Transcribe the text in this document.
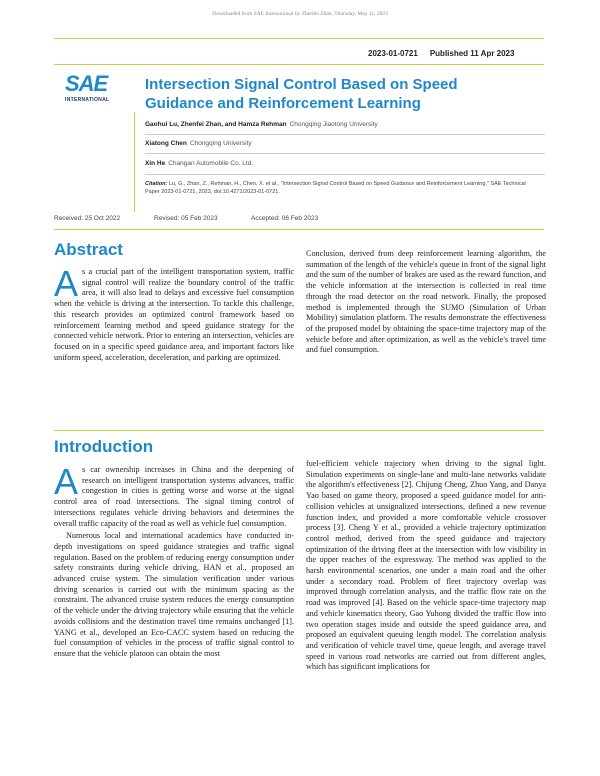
Downloaded from SAE International by Zhenfei Zhan, Thursday, May 11, 2023
2023-01-0721 Published 11 Apr 2023
SAE
INTERNATIONAL
Intersection Signal Control Based on Speed Guidance and Reinforcement Learning
Gaohui Lu, Zhenfei Zhan, and Hamza Rehman Chongqing Jiaotong University
Xiatong Chen Chongqing University
Xin He Changan Automobile Co. Ltd.
Citation: Lu, G., Zhan, Z., Rehman, H., Chen, X. et al., "Intersection Signal Control Based on Speed Guidance and Reinforcement Learning," SAE Technical Paper 2023-01-0721, 2023, doi:10.4271/2023-01-0721.
Received: 25 Oct 2022	Revised: 05 Feb 2023	Accepted: 06 Feb 2023
Abstract

As a crucial part of the intelligent transportation system, traffic signal control will realize the boundary control of the traffic area, it will also lead to delays and excessive fuel consumption when the vehicle is driving at the intersection. To tackle this challenge, this research provides an optimized control framework based on reinforcement learning method and speed guidance strategy for the connected vehicle network. Prior to entering an intersection, vehicles are focused on in a specific speed guidance area, and important factors like uniform speed, acceleration, deceleration, and parking are optimized.

Conclusion, derived from deep reinforcement learning algorithm, the summation of the length of the vehicle's queue in front of the signal light and the sum of the number of brakes are used as the reward function, and the vehicle information at the intersection is collected in real time through the road detector on the road network. Finally, the proposed method is implemented through the SUMO (Simulation of Urban Mobility) simulation platform. The results demonstrate the effectiveness of the proposed model by obtaining the space-time trajectory map of the vehicle before and after optimization, as well as the vehicle's travel time and fuel consumption.

Introduction

As car ownership increases in China and the deepening of research on intelligent transportation systems advances, traffic congestion in cities is getting worse and worse at the signal control area of road intersections. The signal timing control of intersections regulates vehicle driving behaviors and determines the overall traffic capacity of the road as well as vehicle fuel consumption.

Numerous local and international academics have conducted in-depth investigations on speed guidance strategies and traffic signal regulation. Based on the problem of reducing energy consumption under safety constraints during vehicle driving, HAN et al., proposed an advanced cruise system. The simulation verification under various driving scenarios is carried out with the minimum spacing as the constraint. The advanced cruise system reduces the energy consumption of the vehicle under the driving trajectory while ensuring that the vehicle avoids collisions and the destination travel time remains unchanged [1]. YANG et al., developed an Eco-CACC system based on reducing the fuel consumption of vehicles in the process of traffic signal control to ensure that the vehicle platoon can obtain the most

fuel-efficient vehicle trajectory when driving to the signal light. Simulation experiments on single-lane and multi-lane networks validate the algorithm's effectiveness [2]. Chijung Cheng, Zhuo Yang, and Danya Yao based on game theory, proposed a speed guidance model for anti-collision vehicles at unsignalized intersections, defined a new revenue function index, and provided a more comfortable vehicle crossover process [3]. Cheng Y et al., provided a vehicle trajectory optimization control method, derived from the speed guidance and trajectory optimization of the driving fleet at the intersection with low visibility in the upper reaches of the expressway. The method was applied to the harsh environmental scenarios, one under a main road and the other under a secondary road. Problem of fleet trajectory overlap was improved through correlation analysis, and the traffic flow rate on the road was improved [4]. Based on the vehicle space-time trajectory map and vehicle kinematics theory, Gao Yuhong divided the traffic flow into two operation stages inside and outside the speed guidance area, and proposed an equivalent queuing length model. The correlation analysis and verification of vehicle travel time, queue length, and average travel speed in various road networks are carried out from different angles, which has significant implications for
